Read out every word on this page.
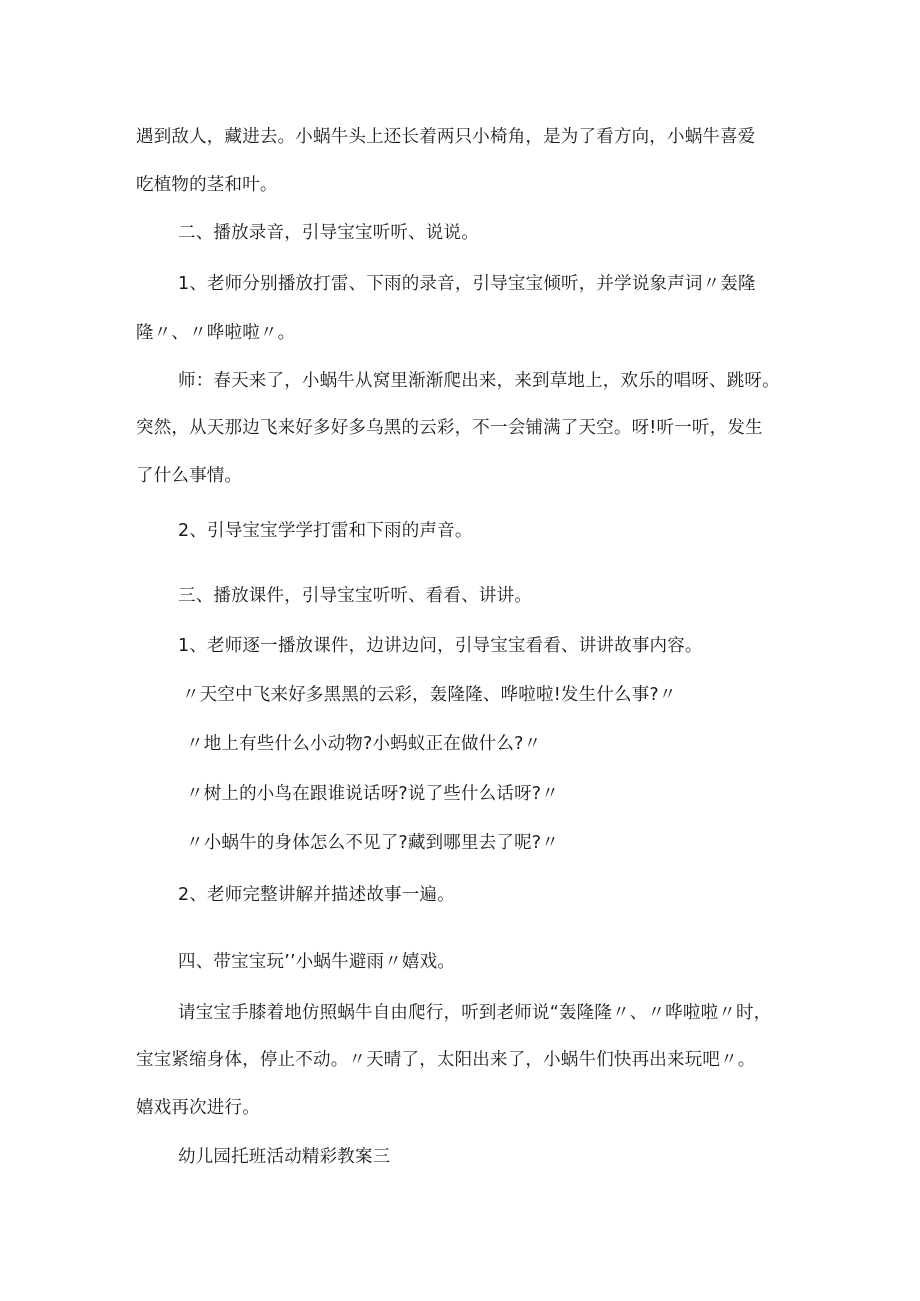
遇到敌人，藏进去。小蜗牛头上还长着两只小椅角，是为了看方向，小蜗牛喜爱
吃植物的茎和叶。
二、播放录音，引导宝宝听听、说说。
1、老师分别播放打雷、下雨的录音，引导宝宝倾听，并学说象声词〃轰隆
隆〃、〃哗啦啦〃。
师：春天来了，小蜗牛从窝里渐渐爬出来，来到草地上，欢乐的唱呀、跳呀。
突然，从天那边飞来好多好多乌黑的云彩，不一会铺满了天空。呀!听一听，发生
了什么事情。
2、引导宝宝学学打雷和下雨的声音。
三、播放课件，引导宝宝听听、看看、讲讲。
1、老师逐一播放课件，边讲边问，引导宝宝看看、讲讲故事内容。
〃天空中飞来好多黑黑的云彩，轰隆隆、哗啦啦!发生什么事?〃
〃地上有些什么小动物?小蚂蚁正在做什么?〃
〃树上的小鸟在跟谁说话呀?说了些什么话呀?〃
〃小蜗牛的身体怎么不见了?藏到哪里去了呢?〃
2、老师完整讲解并描述故事一遍。
四、带宝宝玩’’小蜗牛避雨〃嬉戏。
请宝宝手膝着地仿照蜗牛自由爬行，听到老师说“轰隆隆〃、〃哗啦啦〃时，
宝宝紧缩身体，停止不动。〃天晴了，太阳出来了，小蜗牛们快再出来玩吧〃。
嬉戏再次进行。
幼儿园托班活动精彩教案三
